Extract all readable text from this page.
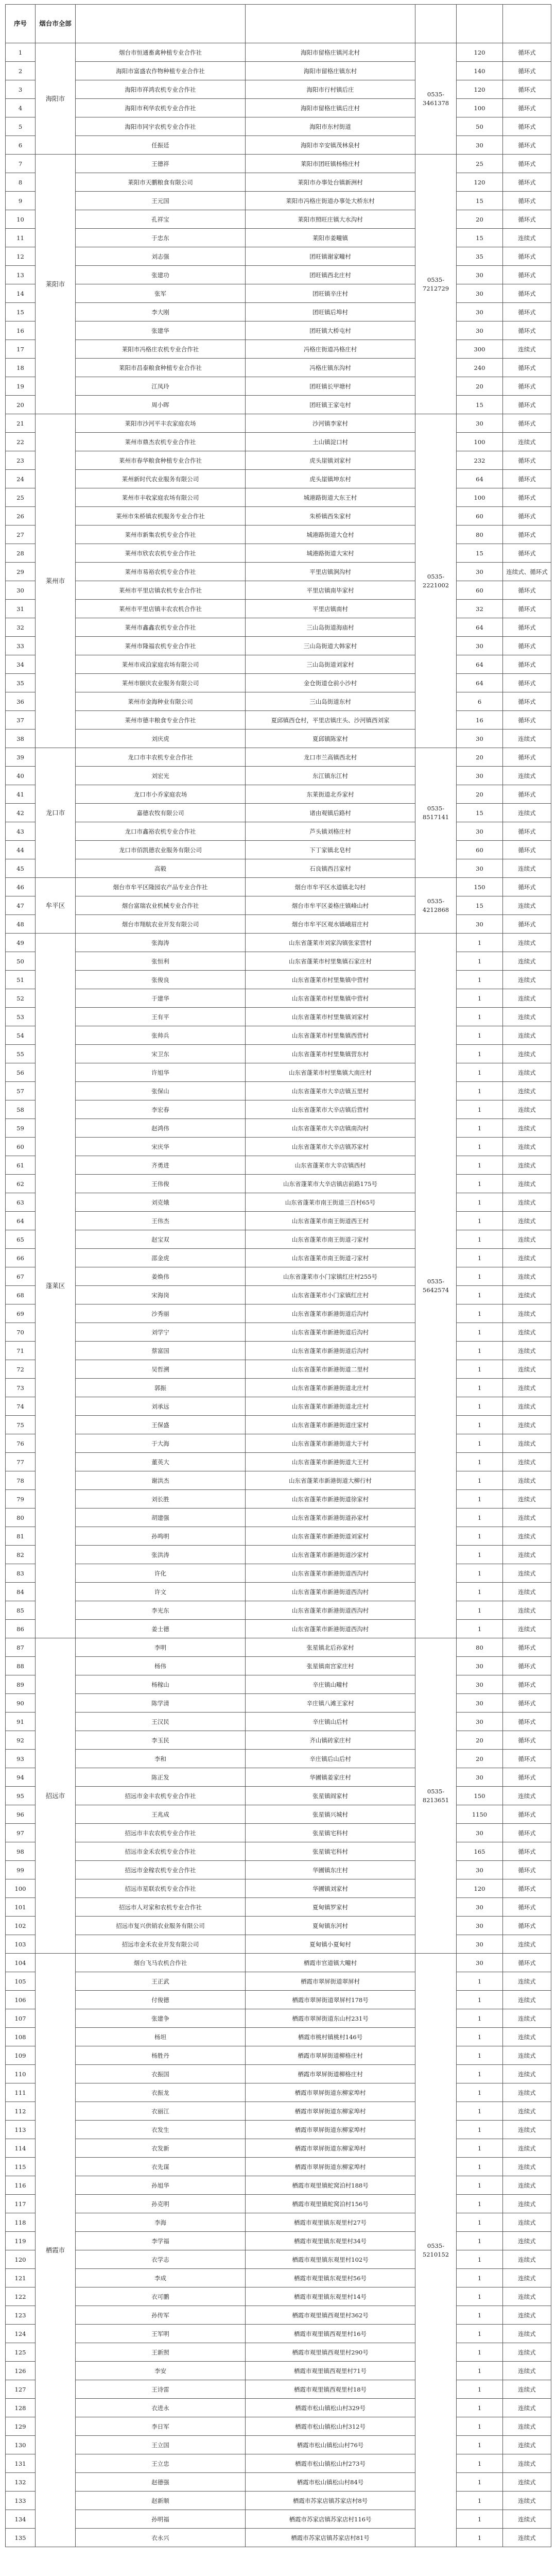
序号	烟台市全部					
1	海阳市	烟台市恒通畜禽种植专业合作社	海阳市留格庄镇河北村	0535-3461378	120	循环式
2		海阳市富盛农作物种植专业合作社	海阳市留格庄镇东村		140	循环式
3		海阳市祥鸿农机专业合作社	海阳市行村镇后庄		120	循环式
4		海阳市利华农机专业合作社	海阳市留格庄镇后庄村		100	循环式
5		海阳市同宇农机专业合作社	海阳市东村街道		50	循环式
6		任振廷	海阳市辛安镇茂林泉村		30	循环式
7	莱阳市	王德祥	莱阳市团旺镇杨格庄村	0535-7212729	25	循环式
8		莱阳市天鹏粮食有限公司	莱阳市办事处台镇新洲村		120	循环式
9		王元国	莱阳市冯格庄街道办事处大桥东村		15	循环式
10		孔祥宝	莱阳市照旺庄镇大水沟村		20	循环式
11		于忠东	莱阳市姜疃镇		15	连续式
12		刘志强	团旺镇谢家疃村		35	循环式
13		张建功	团旺镇西北庄村		30	循环式
14		张军	团旺镇辛庄村		30	循环式
15		李大刚	团旺镇后埠村		30	循环式
16		张建华	团旺镇大桥屯村		30	循环式
17		莱阳市冯格庄农机专业合作社	冯格庄街道冯格庄村		300	连续式
18		莱阳市昌泰粮食种植专业合作社	冯格庄镇东沟村		240	循环式
19		江凤玲	团旺镇长甲塘村		20	循环式
20		周小晖	团旺镇王家屯村		15	循环式
21	莱州市	莱阳市沙河平丰农家庭农场	沙河镇李家村	0535-2221002	30	循环式
22		莱州市鼎杰农机专业合作社	土山镇淀口村		100	连续式
23		莱州市春华粮食种植专业合作社	虎头崖镇刘家村		232	循环式
24		莱州新时代农业服务有限公司	虎头崖镇坤东村		64	循环式
25		莱州市丰收家庭农场有限公司	城港路街道大东王村		100	循环式
26		莱州市朱桥镇农机服务专业合作社	朱桥镇西朱家村		60	循环式
27		莱州市新集农机专业合作社	城港路街道大仓村		80	循环式
28		莱州市欣农农机专业合作社	城港路街道大宋村		15	循环式
29		莱州市易裕农机专业合作社	平里店镇涧沟村		30	连续式、循环式
30		莱州市平里店镇农机专业合作社	平里店镇南毕家村		60	循环式
31		莱州市平里店镇丰农农机合作社	平里店镇南村		32	循环式
32		莱州市鑫鑫农机专业合作社	三山岛街道海庙村		64	循环式
33		莱州市隆福农机专业合作社	三山岛街道大韩家村		30	循环式
34		莱州市成泊家庭农场有限公司	三山岛街道刘家村		64	循环式
35		莱州市颐庆农业服务有限公司	金仓街道仓前小沙村		64	循环式
36		莱州市金海种业有限公司	三山岛街道东村		6	循环式
37		莱州市德丰粮食专业合作社	夏邱镇西仓村，平里店镇庄头、沙河镇西刘家		16	循环式
38		刘庆虎	夏邱镇陈家村		30	连续式
39	龙口市	龙口市丰农机专业合作社	龙口市兰高镇西北村	0535-8517141	20	循环式
40		刘宏光	东江镇东江村		30	连续式
41		龙口市小乔家庭农场	东莱街道北乔家村		20	循环式
42		嘉德农牧有限公司	诸由观镇后路村		15	连续式
43		龙口市鑫裕农机专业合作社	芦头镇刘格庄村		30	循环式
44		龙口市佰凯德农业服务有限公司	下丁家镇北皂村		60	循环式
45		高毅	石良镇西吕家村		30	连续式
46	牟平区	烟台市牟平区隆园农产品专业合作社	烟台市牟平区水道镇北勾村	0535-4212868	150	循环式
47		烟台富瑞农业机械专业合作社	烟台市牟平区姜格庄镇峰山村		15	连续式
48		烟台市翔航农业开发有限公司	烟台市牟平区观水镇峨眉庄村		30	循环式
49	蓬莱区	张海涛	山东省蓬莱市刘家沟镇张家营村	0535-5642574	1	连续式
50		张恒利	山东省蓬莱市村里集镇石家庄村		1	连续式
51		张俊良	山东省蓬莱市村里集镇中营村		1	连续式
52		于建华	山东省蓬莱市村里集镇中营村		1	连续式
53		王有平	山东省蓬莱市村里集镇刘家村		1	连续式
54		张帅兵	山东省蓬莱市村里集镇西营村		1	连续式
55		宋卫东	山东省蓬莱市村里集镇营东村		1	连续式
56		许旭华	山东省蓬莱市村里集镇大南庄村		1	连续式
57		张保山	山东省蓬莱市大辛店镇五里村		1	连续式
58		李宏春	山东省蓬莱市大辛店镇后营村		1	连续式
59		赵鸿伟	山东省蓬莱市大辛店镇南沟村		1	连续式
60		宋庆华	山东省蓬莱市大辛店镇苏家村		1	连续式
61		齐勇进	山东省蓬莱市大辛店镇西村		1	连续式
62		王伟俊	山东省蓬莱市大辛店镇店前路175号		1	连续式
63		刘克娥	山东省蓬莱市南王街道三百村65号		1	连续式
64		王伟杰	山东省蓬莱市南王街道西王村		1	连续式
65		赵宝双	山东省蓬莱市南王街道刁家村		1	连续式
66		邵金虎	山东省蓬莱市南王街道刁家村		1	连续式
67		姜焕伟	山东省蓬莱市小门家镇红庄村255号		1	连续式
68		宋海岗	山东省蓬莱市小门家镇红庄村		1	连续式
69		沙秀丽	山东省蓬莱市新港街道后沟村		1	连续式
70		刘学宁	山东省蓬莱市新港街道后沟村		1	连续式
71		蔡富国	山东省蓬莱市新港街道后沟村		1	连续式
72		吴哲溯	山东省蓬莱市新港街道二里村		1	连续式
73		郭振	山东省蓬莱市新港街道北庄村		1	连续式
74		刘承远	山东省蓬莱市新港街道北庄村		1	连续式
75		王保盛	山东省蓬莱市新港街道庄家村		1	连续式
76		于大海	山东省蓬莱市新港街道大于村		1	连续式
77		董英大	山东省蓬莱市新港街道大王村		1	连续式
78		谢洪杰	山东省蓬莱市新港街道大柳行村		1	连续式
79		刘长胜	山东省蓬莱市新港街道徐家村		1	连续式
80		胡建强	山东省蓬莱市新港街道孙家村		1	连续式
81		孙鸣明	山东省蓬莱市新港街道刘家村		1	连续式
82		张洪涛	山东省蓬莱市新港街道沙家村		1	连续式
83		许化	山东省蓬莱市新港街道西沟村		1	连续式
84		许文	山东省蓬莱市新港街道西沟村		1	连续式
85		李光东	山东省蓬莱市新港街道西沟村		1	连续式
86		姜士德	山东省蓬莱市新港街道西沟村		1	连续式
87	招远市	李明	张星镇北后孙家村	0535-8213651	80	循环式
88		杨伟	张星镇南宫家庄村		30	循环式
89		杨稼山	辛庄镇山疃村		30	循环式
90		陈学清	辛庄镇八滩王家村		30	循环式
91		王汉民	辛庄镇山后村		30	循环式
92		李玉民	齐山镇砖家庄村		20	循环式
93		李和	辛庄镇后山后村		20	循环式
94		陈正发	华圃镇姜家庄村		30	循环式
95		招远市金丰农机专业合作社	张星镇阎家村		150	连续式
96		王兆成	张星镇兴城村		1150	循环式
97		招远市丰农农机专业合作社	张星镇宅科村		30	循环式
98		招远市金禾农机专业合作社	张星镇宅科村		165	循环式
99		招远市金稼农机专业合作社	华圃镇东庄村		30	循环式
100		招远市星联农机专业合作社	华圃镇刘家村		120	循环式
101		招远市人对家和农机专业合作社	夏甸镇罗家村		30	循环式
102		招远市复兴供销农业服务有限公司	夏甸镇东河村		30	循环式
103		招远市金禾农业开发有限公司	夏甸镇小夏甸村		30	连续式
104	栖霞市	烟台飞马农机合作社	栖霞市官道镇大疃村	0535-5210152	30	循环式
105		王正武	栖霞市翠屏街道翠屏村		1	连续式
106		付俊德	栖霞市翠屏街道翠屏村178号		1	连续式
107		张建争	栖霞市翠屏街道东山村231号		1	连续式
108		杨坦	栖霞市桃村镇桃村146号		1	连续式
109		杨胜丹	栖霞市翠屏街道柳格庄村		1	连续式
110		衣振国	栖霞市翠屏街道柳格庄村		1	连续式
111		衣振龙	栖霞市翠屏街道东柳家埠村		1	连续式
112		衣丽江	栖霞市翠屏街道东柳家埠村		1	连续式
113		衣发生	栖霞市翠屏街道东柳家埠村		1	连续式
114		衣发新	栖霞市翠屏街道东柳家埠村		1	连续式
115		衣先谋	栖霞市翠屏街道东柳家埠村		1	连续式
116		孙旭华	栖霞市观里镇蛇窝泊村188号		1	连续式
117		孙克明	栖霞市观里镇蛇窝泊村156号		1	连续式
118		李海	栖霞市观里镇东观里村27号		1	连续式
119		李学福	栖霞市观里镇东观里村34号		1	连续式
120		衣学志	栖霞市观里镇东观里村102号		1	连续式
121		李成	栖霞市观里镇东观里村56号		1	连续式
122		衣可鹏	栖霞市观里镇东观里村14号		1	连续式
123		孙传军	栖霞市观里镇西观里村362号		1	连续式
124		王军明	栖霞市观里镇西观里村16号		1	连续式
125		王新照	栖霞市观里镇西观里村290号		1	连续式
126		李安	栖霞市观里镇西观里村71号		1	连续式
127		王诗雷	栖霞市观里镇西观里村18号		1	连续式
128		衣进永	栖霞市松山镇松山村329号		1	连续式
129		李日军	栖霞市松山镇松山村312号		1	连续式
130		王立国	栖霞市松山镇松山村76号		1	连续式
131		王立忠	栖霞市松山镇松山村273号		1	连续式
132		赵德强	栖霞市松山镇松山村84号		1	连续式
133		赵新顺	栖霞市苏家店镇苏家店村8号		1	连续式
134		孙明福	栖霞市苏家店镇苏家店村116号		1	连续式
135		衣永兴	栖霞市苏家店镇苏家店村81号		1	连续式
